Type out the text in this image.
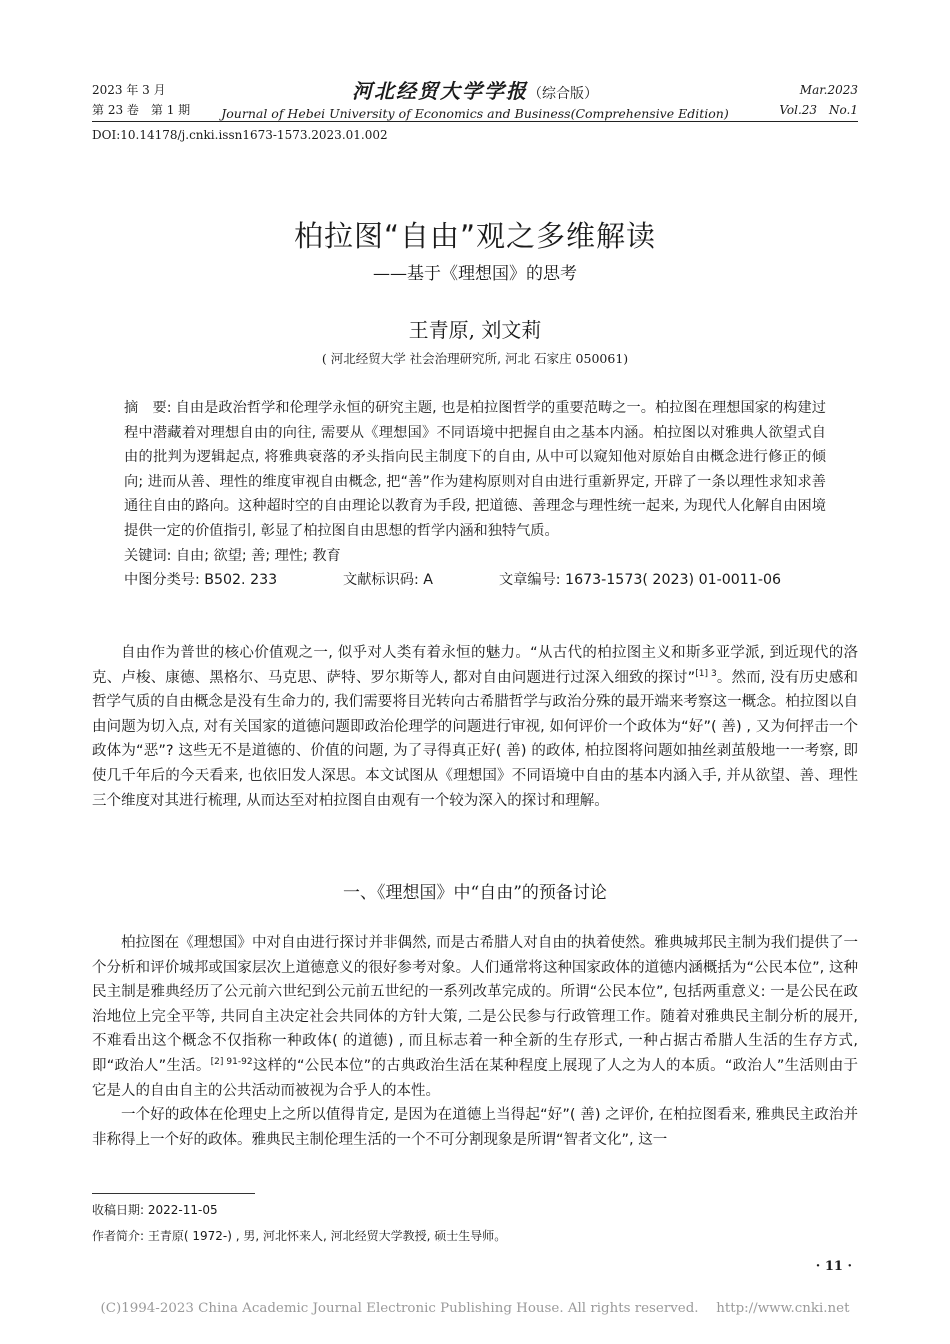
2023 年 3 月
第 23 卷　第 1 期
河北经贸大学学报（综合版）
Journal of Hebei University of Economics and Business(Comprehensive Edition)
Mar.2023
Vol.23　No.1
DOI:10.14178/j.cnki.issn1673-1573.2023.01.002
柏拉图“自由”观之多维解读
——基于《理想国》的思考
王青原, 刘文莉
( 河北经贸大学 社会治理研究所, 河北 石家庄 050061)

摘　要: 自由是政治哲学和伦理学永恒的研究主题, 也是柏拉图哲学的重要范畴之一。柏拉图在理想国家的构建过程中潜藏着对理想自由的向往, 需要从《理想国》不同语境中把握自由之基本内涵。柏拉图以对雅典人欲望式自由的批判为逻辑起点, 将雅典衰落的矛头指向民主制度下的自由, 从中可以窥知他对原始自由概念进行修正的倾向; 进而从善、理性的维度审视自由概念, 把“善”作为建构原则对自由进行重新界定, 开辟了一条以理性求知求善通往自由的路向。这种超时空的自由理论以教育为手段, 把道德、善理念与理性统一起来, 为现代人化解自由困境提供一定的价值指引, 彰显了柏拉图自由思想的哲学内涵和独特气质。

关键词: 自由; 欲望; 善; 理性; 教育

中图分类号: B502. 233	文献标识码: A	文章编号: 1673-1573( 2023) 01-0011-06

自由作为普世的核心价值观之一, 似乎对人类有着永恒的魅力。“从古代的柏拉图主义和斯多亚学派, 到近现代的洛克、卢梭、康德、黑格尔、马克思、萨特、罗尔斯等人, 都对自由问题进行过深入细致的探讨”$^{[1] 3}$。然而, 没有历史感和哲学气质的自由概念是没有生命力的, 我们需要将目光转向古希腊哲学与政治分殊的最开端来考察这一概念。柏拉图以自由问题为切入点, 对有关国家的道德问题即政治伦理学的问题进行审视, 如何评价一个政体为“好”( 善) , 又为何抨击一个政体为“恶”? 这些无不是道德的、价值的问题, 为了寻得真正好( 善) 的政体, 柏拉图将问题如抽丝剥茧般地一一考察, 即使几千年后的今天看来, 也依旧发人深思。本文试图从《理想国》不同语境中自由的基本内涵入手, 并从欲望、善、理性三个维度对其进行梳理, 从而达至对柏拉图自由观有一个较为深入的探讨和理解。

一、《理想国》中“自由”的预备讨论

柏拉图在《理想国》中对自由进行探讨并非偶然, 而是古希腊人对自由的执着使然。雅典城邦民主制为我们提供了一个分析和评价城邦或国家层次上道德意义的很好参考对象。人们通常将这种国家政体的道德内涵概括为“公民本位”, 这种民主制是雅典经历了公元前六世纪到公元前五世纪的一系列改革完成的。所谓“公民本位”, 包括两重意义: 一是公民在政治地位上完全平等, 共同自主决定社会共同体的方针大策, 二是公民参与行政管理工作。随着对雅典民主制分析的展开, 不难看出这个概念不仅指称一种政体( 的道德) , 而且标志着一种全新的生存形式, 一种占据古希腊人生活的生存方式, 即“政治人”生活。$^{[2] 91-92}$这样的“公民本位”的古典政治生活在某种程度上展现了人之为人的本质。“政治人”生活则由于它是人的自由自主的公共活动而被视为合乎人的本性。

一个好的政体在伦理史上之所以值得肯定, 是因为在道德上当得起“好”( 善) 之评价, 在柏拉图看来, 雅典民主政治并非称得上一个好的政体。雅典民主制伦理生活的一个不可分割现象是所谓“智者文化”, 这一

收稿日期: 2022-11-05
作者简介: 王青原( 1972-) , 男, 河北怀来人, 河北经贸大学教授, 硕士生导师。
· 11 ·
(C)1994-2023 China Academic Journal Electronic Publishing House. All rights reserved.　 http://www.cnki.net
